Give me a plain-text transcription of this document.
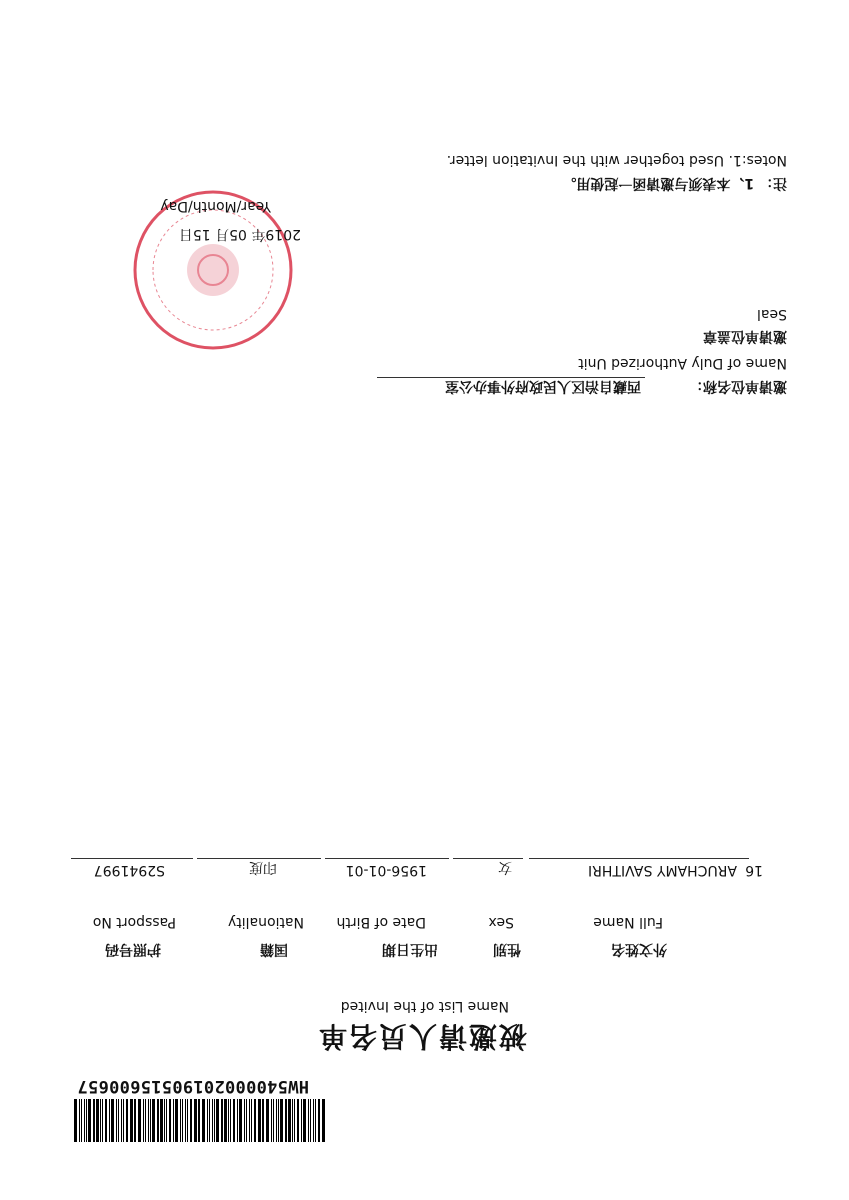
HW540000201905156006​57
被邀请人员名单
Name List of the Invited
外文姓名
性别
出生日期
国籍
护照号码
Full Name
Sex
Date of Birth
Nationality
Passport No
16
ARUCHAMY SAVITHRI
女
1956-01-01
印度
S2941997
邀请单位名称：
西藏自治区人民政府外事办公室
Name of Duly Authorized Unit
邀请单位盖章
Seal
2019年 05月 15日
Year/Month/Day
注： 1、本表须与邀请函一起使用。
Notes:1. Used together with the Invitation letter.
